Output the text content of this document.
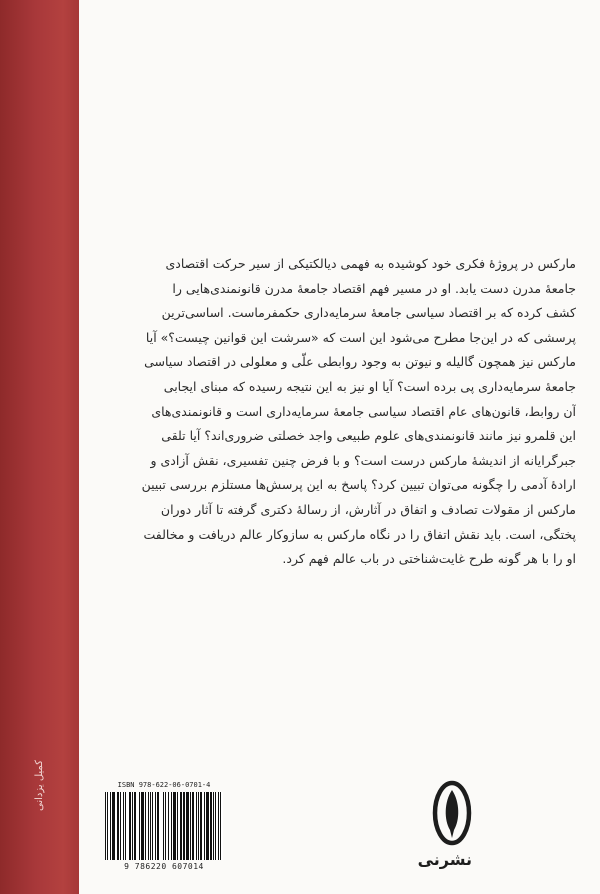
کمیل یزدانی
مارکس در پروژهٔ فکری خود کوشیده به فهمی دیالکتیکی از سیر حرکت اقتصادی
جامعهٔ مدرن دست یابد. او در مسیر فهم اقتصاد جامعهٔ مدرن قانونمندی‌هایی را
کشف کرده که بر اقتصاد سیاسی جامعهٔ سرمایه‌داری حکمفرماست. اساسی‌ترین
پرسشی که در این‌جا مطرح می‌شود این است که «سرشت این قوانین چیست؟» آیا
مارکس نیز همچون گالیله و نیوتن به وجود روابطی علّی و معلولی در اقتصاد سیاسی
جامعهٔ سرمایه‌داری پی برده است؟ آیا او نیز به این نتیجه رسیده که مبنای ایجابی
آن روابط، قانون‌های عام اقتصاد سیاسی جامعهٔ سرمایه‌داری است و قانونمندی‌های
این قلمرو نیز مانند قانونمندی‌های علوم طبیعی واجد خصلتی ضروری‌اند؟ آیا تلقی
جبرگرایانه از اندیشهٔ مارکس درست است؟ و با فرض چنین تفسیری، نقش آزادی و
ارادهٔ آدمی را چگونه می‌توان تبیین کرد؟ پاسخ به این پرسش‌ها مستلزم بررسی تبیین
مارکس از مقولات تصادف و اتفاق در آثارش، از رسالهٔ دکتری گرفته تا آثار دوران
پختگی، است. باید نقش اتفاق را در نگاه مارکس به سازوکار عالم دریافت و مخالفت
او را با هر گونه طرح غایت‌شناختی در باب عالم فهم کرد.
ISBN 978-622-06-0701-4
9 786220 607014	نشرنی
